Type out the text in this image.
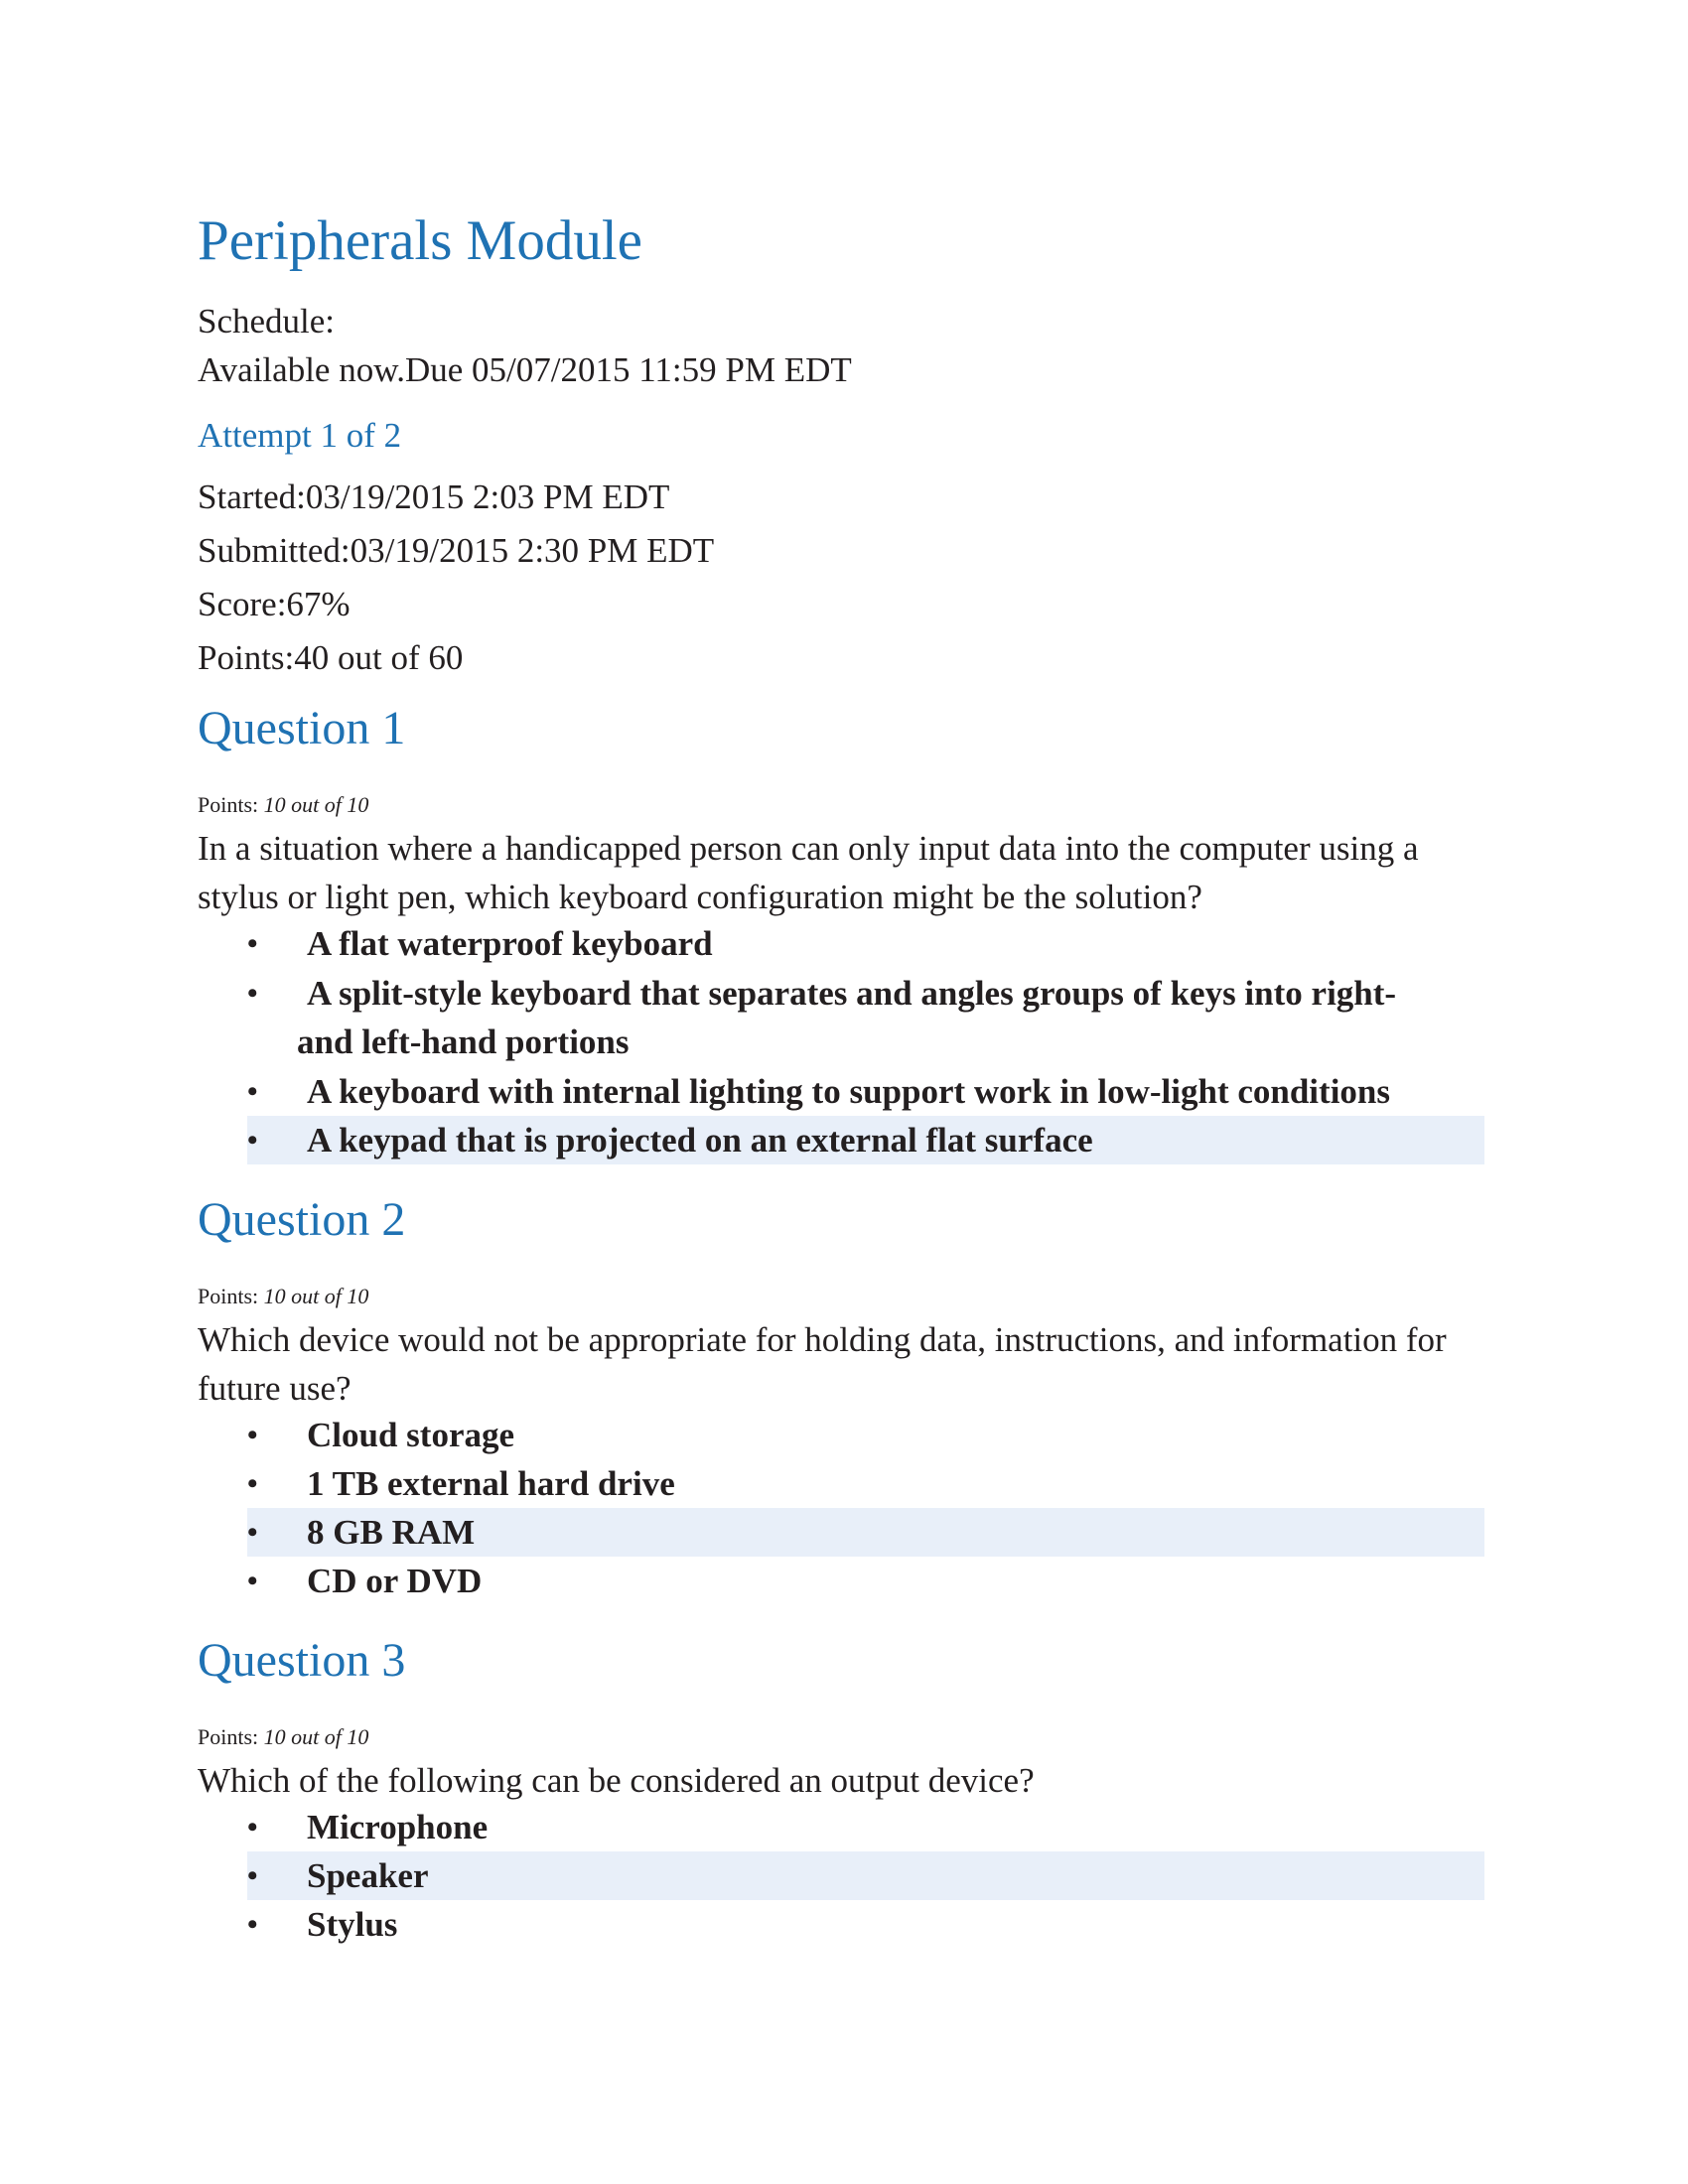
Peripherals Module

Schedule:

Available now.Due 05/07/2015 11:59 PM EDT

Attempt 1 of 2

Started:03/19/2015 2:03 PM EDT

Submitted:03/19/2015 2:30 PM EDT

Score:67%

Points:40 out of 60

Question 1

Points: 10 out of 10

In a situation where a handicapped person can only input data into the computer using a stylus or light pen, which keyboard configuration might be the solution?

•	A flat waterproof keyboard
•	A split-style keyboard that separates and angles groups of keys into right-
and left-hand portions
•	A keyboard with internal lighting to support work in low-light conditions
•	A keypad that is projected on an external flat surface
Question 2

Points: 10 out of 10

Which device would not be appropriate for holding data, instructions, and information for future use?

•	Cloud storage
•	1 TB external hard drive
•	8 GB RAM
•	CD or DVD
Question 3

Points: 10 out of 10

Which of the following can be considered an output device?

•	Microphone
•	Speaker
•	Stylus
